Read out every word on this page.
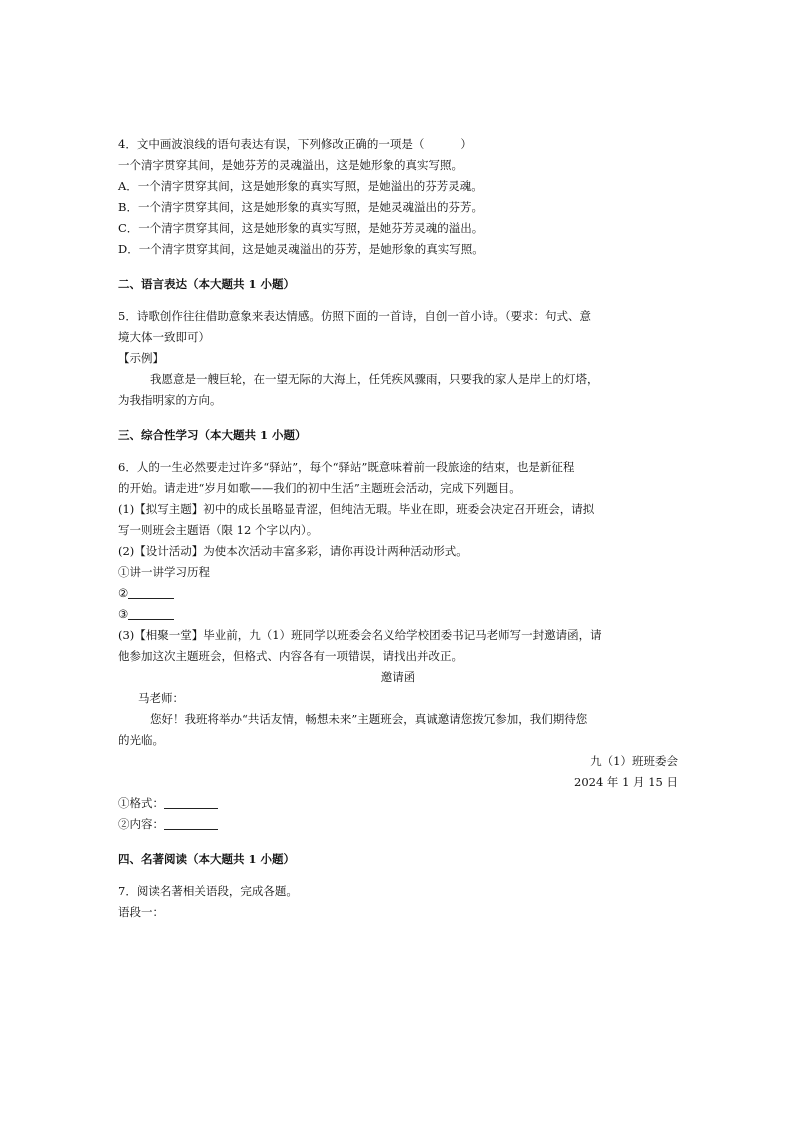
4．文中画波浪线的语句表达有误，下列修改正确的一项是（	）
一个清字贯穿其间，是她芬芳的灵魂溢出，这是她形象的真实写照。
A．一个清字贯穿其间，这是她形象的真实写照，是她溢出的芬芳灵魂。
B．一个清字贯穿其间，这是她形象的真实写照，是她灵魂溢出的芬芳。
C．一个清字贯穿其间，这是她形象的真实写照，是她芬芳灵魂的溢出。
D．一个清字贯穿其间，这是她灵魂溢出的芬芳，是她形象的真实写照。
二、语言表达（本大题共 1 小题）
5．诗歌创作往往借助意象来表达情感。仿照下面的一首诗，自创一首小诗。（要求：句式、意
境大体一致即可）
【示例】
我愿意是一艘巨轮，在一望无际的大海上，任凭疾风骤雨，只要我的家人是岸上的灯塔，
为我指明家的方向。
三、综合性学习（本大题共 1 小题）
6．人的一生必然要走过许多“驿站”，每个“驿站”既意味着前一段旅途的结束，也是新征程
的开始。请走进“岁月如歌——我们的初中生活”主题班会活动，完成下列题目。
(1)【拟写主题】初中的成长虽略显青涩，但纯洁无瑕。毕业在即，班委会决定召开班会，请拟
写一则班会主题语（限 12 个字以内）。
(2)【设计活动】为使本次活动丰富多彩，请你再设计两种活动形式。
①讲一讲学习历程
②
③
(3)【相聚一堂】毕业前，九（1）班同学以班委会名义给学校团委书记马老师写一封邀请函，请
他参加这次主题班会，但格式、内容各有一项错误，请找出并改正。
邀请函
马老师：
您好！我班将举办“共话友情，畅想未来”主题班会，真诚邀请您拨冗参加，我们期待您
的光临。
九（1）班班委会
2024 年 1 月 15 日
①格式：
②内容：
四、名著阅读（本大题共 1 小题）
7．阅读名著相关语段，完成各题。
语段一：
